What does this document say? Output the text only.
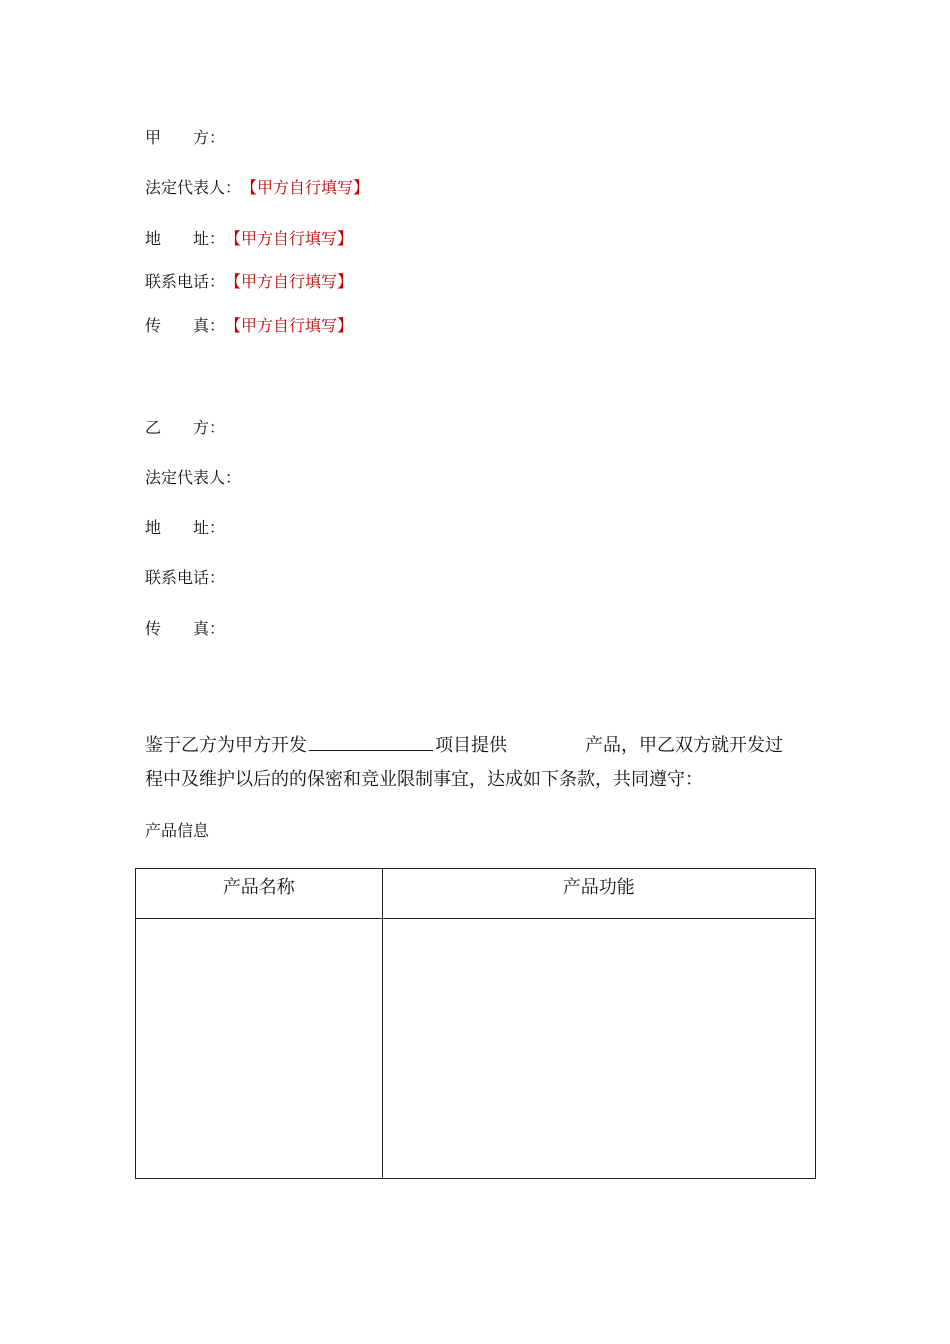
甲　　方：
法定代表人：【甲方自行填写】
地　　址：【甲方自行填写】
联系电话：【甲方自行填写】
传　　真：【甲方自行填写】
乙　　方：
法定代表人：
地　　址：
联系电话：
传　　真：
鉴于乙方为甲方开发	项目提供	产品，甲乙双方就开发过
程中及维护以后的的保密和竞业限制事宜，达成如下条款，共同遵守：
产品信息
产品名称	产品功能
